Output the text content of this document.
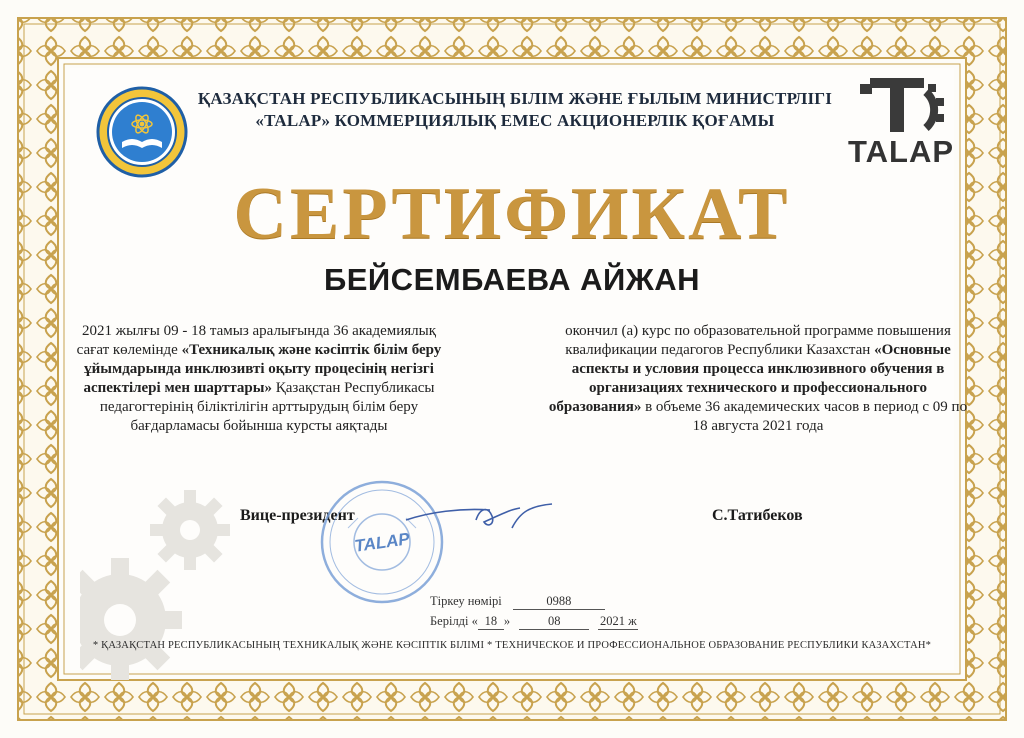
ҚАЗАҚСТАН РЕСПУБЛИКАСЫНЫҢ БІЛІМ ЖӘНЕ ҒЫЛЫМ МИНИСТРЛІГІ
«TALAP» КОММЕРЦИЯЛЫҚ ЕМЕС АКЦИОНЕРЛІК ҚОҒАМЫ
TALAP
СЕРТИФИКАТ
БЕЙСЕМБАЕВА АЙЖАН
2021 жылғы 09 - 18 тамыз аралығында 36 академиялық сағат көлемінде «Техникалық және кәсіптік білім беру ұйымдарында инклюзивті оқыту процесінің негізгі аспектілері мен шарттары» Қазақстан Республикасы педагогтерінің біліктілігін арттырудың білім беру бағдарламасы бойынша курсты аяқтады
окончил (а) курс по образовательной программе повышения квалификации педагогов Республики Казахстан «Основные аспекты и условия процесса инклюзивного обучения в организациях технического и профессионального образования» в объеме 36 академических часов в период с 09 по 18 августа 2021 года
Вице-президент
TALAP
С.Татибеков
Тіркеу нөмірі	0988
Берілді « 18 »	08	2021 ж
* ҚАЗАҚСТАН РЕСПУБЛИКАСЫНЫҢ ТЕХНИКАЛЫҚ ЖӘНЕ КӘСІПТІК БІЛІМІ * ТЕХНИЧЕСКОЕ И ПРОФЕССИОНАЛЬНОЕ ОБРАЗОВАНИЕ РЕСПУБЛИКИ КАЗАХСТАН*
